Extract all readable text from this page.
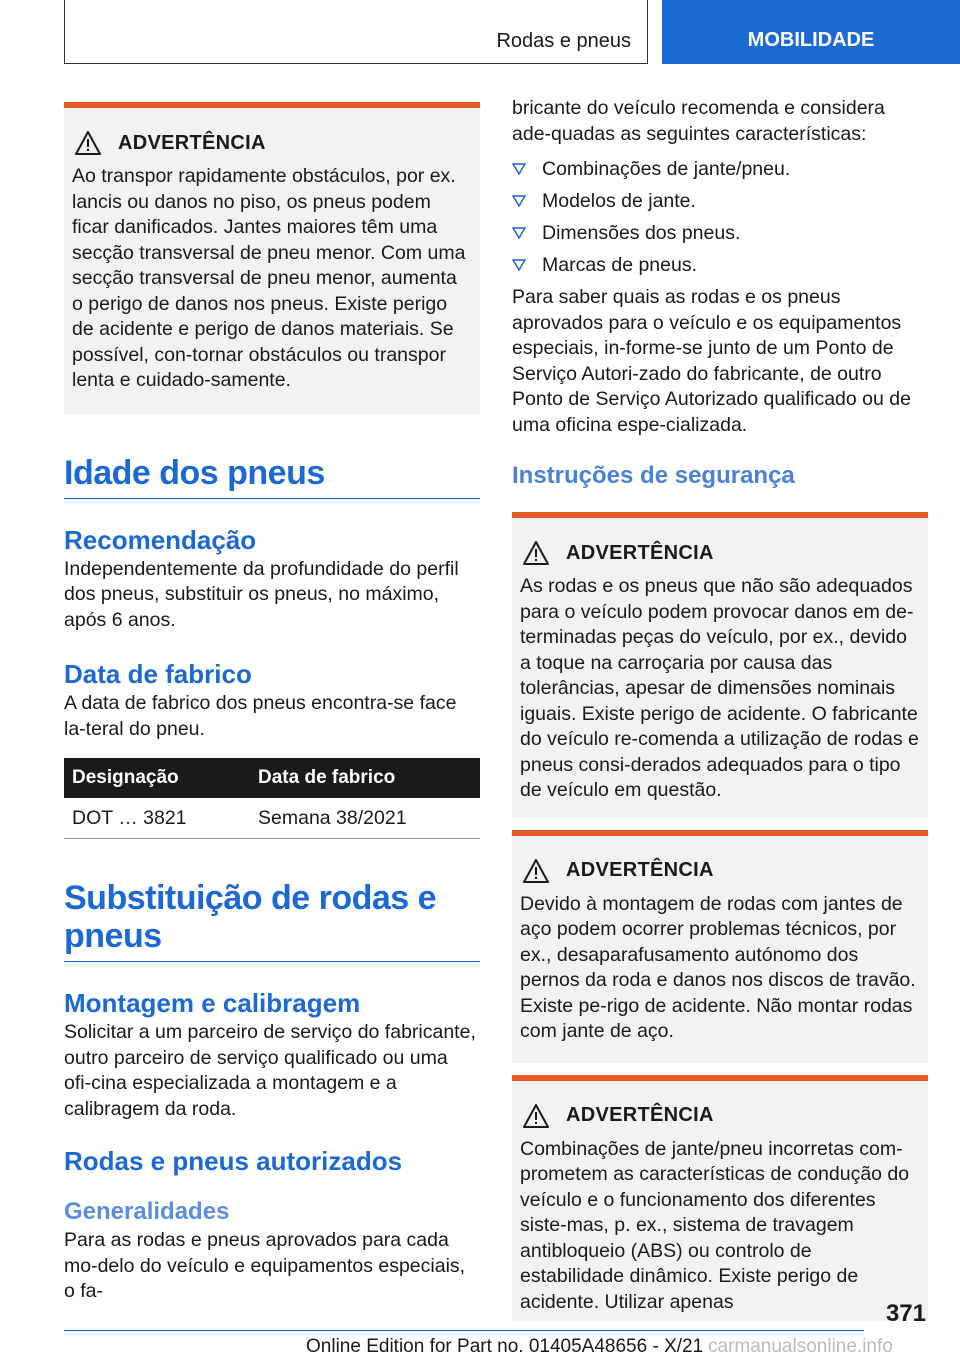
Rodas e pneus	MOBILIDADE
ADVERTÊNCIA

Ao transpor rapidamente obstáculos, por ex. lancis ou danos no piso, os pneus podem ficar danificados. Jantes maiores têm uma secção transversal de pneu menor. Com uma secção transversal de pneu menor, aumenta o perigo de danos nos pneus. Existe perigo de acidente e perigo de danos materiais. Se possível, con-tornar obstáculos ou transpor lenta e cuidado-samente.

Idade dos pneus
Recomendação

Independentemente da profundidade do perfil dos pneus, substituir os pneus, no máximo, após 6 anos.

Data de fabrico

A data de fabrico dos pneus encontra-se face la-teral do pneu.

Designação	Data de fabrico
DOT … 3821	Semana 38/2021
Substituição de rodas e pneus
Montagem e calibragem

Solicitar a um parceiro de serviço do fabricante, outro parceiro de serviço qualificado ou uma ofi-cina especializada a montagem e a calibragem da roda.

Rodas e pneus autorizados
Generalidades

Para as rodas e pneus aprovados para cada mo-delo do veículo e equipamentos especiais, o fa-

bricante do veículo recomenda e considera ade-quadas as seguintes características:

Combinações de jante/pneu.
Modelos de jante.
Dimensões dos pneus.
Marcas de pneus.

Para saber quais as rodas e os pneus aprovados para o veículo e os equipamentos especiais, in-forme-se junto de um Ponto de Serviço Autori-zado do fabricante, de outro Ponto de Serviço Autorizado qualificado ou de uma oficina espe-cializada.

Instruções de segurança
ADVERTÊNCIA

As rodas e os pneus que não são adequados para o veículo podem provocar danos em de-terminadas peças do veículo, por ex., devido a toque na carroçaria por causa das tolerâncias, apesar de dimensões nominais iguais. Existe perigo de acidente. O fabricante do veículo re-comenda a utilização de rodas e pneus consi-derados adequados para o tipo de veículo em questão.

ADVERTÊNCIA

Devido à montagem de rodas com jantes de aço podem ocorrer problemas técnicos, por ex., desaparafusamento autónomo dos pernos da roda e danos nos discos de travão. Existe pe-rigo de acidente. Não montar rodas com jante de aço.

ADVERTÊNCIA

Combinações de jante/pneu incorretas com-prometem as características de condução do veículo e o funcionamento dos diferentes siste-mas, p. ex., sistema de travagem antibloqueio (ABS) ou controlo de estabilidade dinâmico. Existe perigo de acidente. Utilizar apenas	371
Online Edition for Part no. 01405A48656 - X/21 carmanualsonline.info
